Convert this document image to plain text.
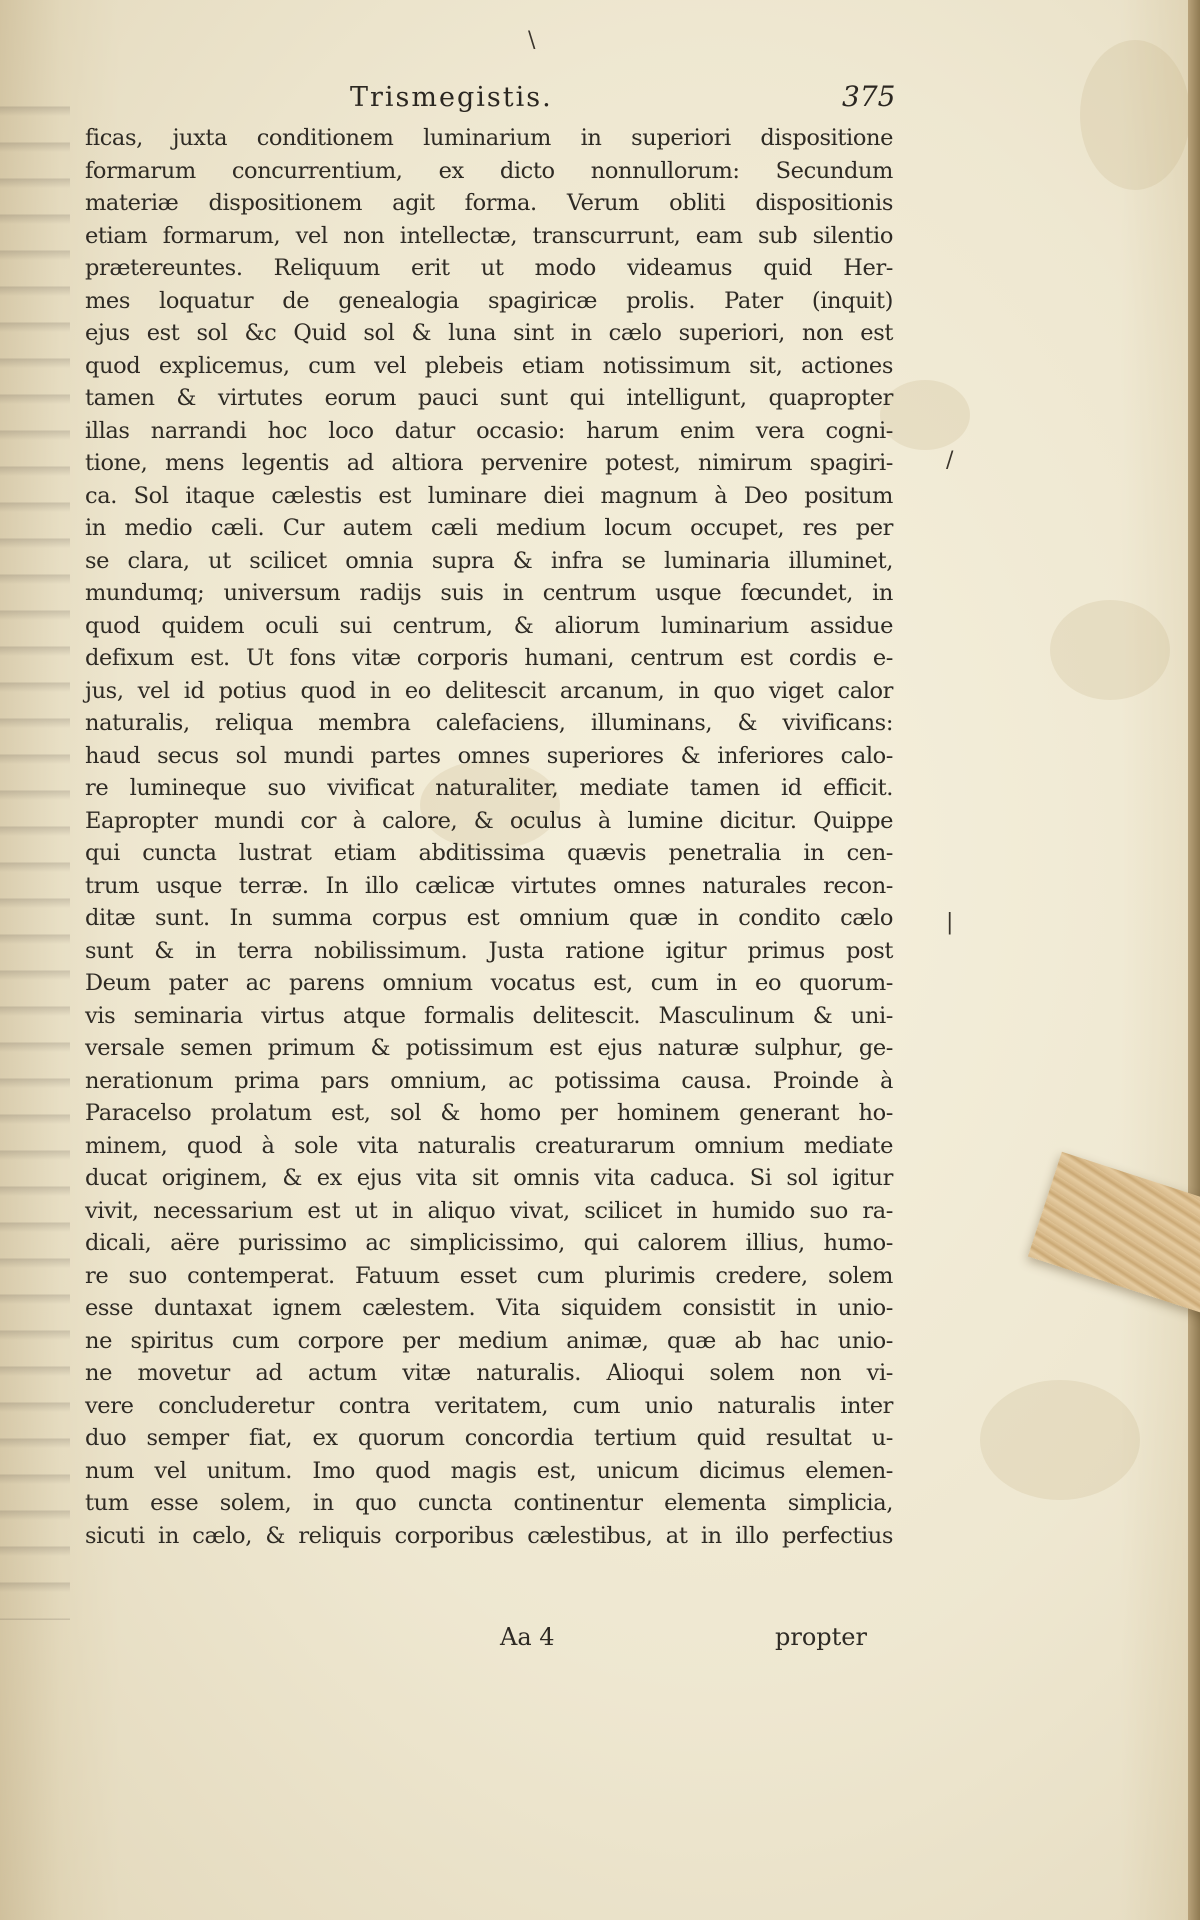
\
/
|
Trismegistis.	375
ficas, juxta conditionem luminarium in superiori dispositione
formarum concurrentium, ex dicto nonnullorum: Secundum
materiæ dispositionem agit forma. Verum obliti dispositionis
etiam formarum, vel non intellectæ, transcurrunt, eam sub silentio
prætereuntes. Reliquum erit ut modo videamus quid Her-
mes loquatur de genealogia spagiricæ prolis. Pater (inquit)
ejus est sol &c Quid sol & luna sint in cælo superiori, non est
quod explicemus, cum vel plebeis etiam notissimum sit, actiones
tamen & virtutes eorum pauci sunt qui intelligunt, quapropter
illas narrandi hoc loco datur occasio: harum enim vera cogni-
tione, mens legentis ad altiora pervenire potest, nimirum spagiri-
ca. Sol itaque cælestis est luminare diei magnum à Deo positum
in medio cæli. Cur autem cæli medium locum occupet, res per
se clara, ut scilicet omnia supra & infra se luminaria illuminet,
mundumq; universum radijs suis in centrum usque fœcundet, in
quod quidem oculi sui centrum, & aliorum luminarium assidue
defixum est. Ut fons vitæ corporis humani, centrum est cordis e-
jus, vel id potius quod in eo delitescit arcanum, in quo viget calor
naturalis, reliqua membra calefaciens, illuminans, & vivificans:
haud secus sol mundi partes omnes superiores & inferiores calo-
re lumineque suo vivificat naturaliter, mediate tamen id efficit.
Eapropter mundi cor à calore, & oculus à lumine dicitur. Quippe
qui cuncta lustrat etiam abditissima quævis penetralia in cen-
trum usque terræ. In illo cælicæ virtutes omnes naturales recon-
ditæ sunt. In summa corpus est omnium quæ in condito cælo
sunt & in terra nobilissimum. Justa ratione igitur primus post
Deum pater ac parens omnium vocatus est, cum in eo quorum-
vis seminaria virtus atque formalis delitescit. Masculinum & uni-
versale semen primum & potissimum est ejus naturæ sulphur, ge-
nerationum prima pars omnium, ac potissima causa. Proinde à
Paracelso prolatum est, sol & homo per hominem generant ho-
minem, quod à sole vita naturalis creaturarum omnium mediate
ducat originem, & ex ejus vita sit omnis vita caduca. Si sol igitur
vivit, necessarium est ut in aliquo vivat, scilicet in humido suo ra-
dicali, aëre purissimo ac simplicissimo, qui calorem illius, humo-
re suo contemperat. Fatuum esset cum plurimis credere, solem
esse duntaxat ignem cælestem. Vita siquidem consistit in unio-
ne spiritus cum corpore per medium animæ, quæ ab hac unio-
ne movetur ad actum vitæ naturalis. Alioqui solem non vi-
vere concluderetur contra veritatem, cum unio naturalis inter
duo semper fiat, ex quorum concordia tertium quid resultat u-
num vel unitum. Imo quod magis est, unicum dicimus elemen-
tum esse solem, in quo cuncta continentur elementa simplicia,
sicuti in cælo, & reliquis corporibus cælestibus, at in illo perfectius
Aa 4	propter
